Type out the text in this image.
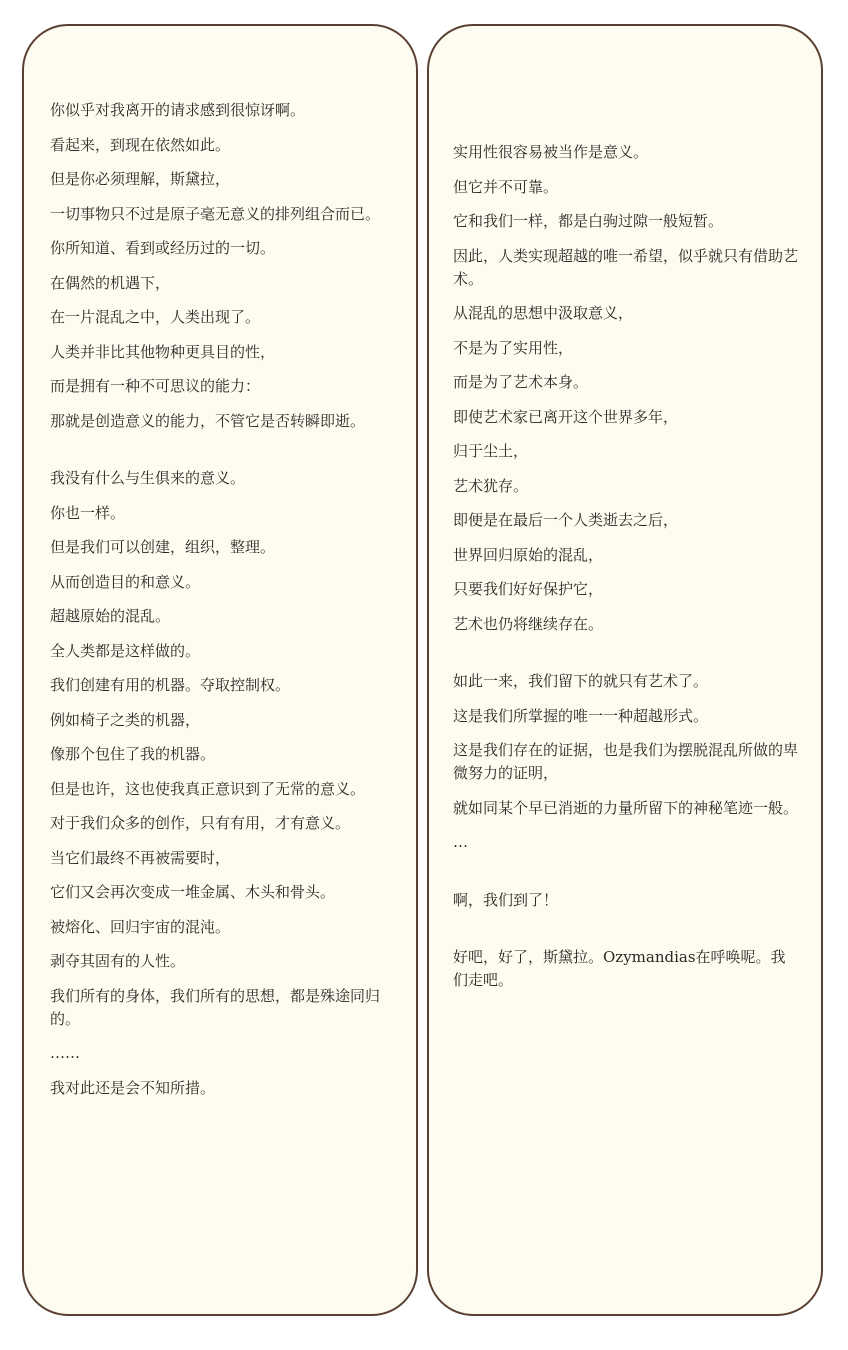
你似乎对我离开的请求感到很惊讶啊。
看起来，到现在依然如此。
但是你必须理解，斯黛拉，
一切事物只不过是原子毫无意义的排列组合而已。
你所知道、看到或经历过的一切。
在偶然的机遇下，
在一片混乱之中，人类出现了。
人类并非比其他物种更具目的性，
而是拥有一种不可思议的能力：
那就是创造意义的能力，不管它是否转瞬即逝。
我没有什么与生俱来的意义。
你也一样。
但是我们可以创建，组织，整理。
从而创造目的和意义。
超越原始的混乱。
全人类都是这样做的。
我们创建有用的机器。夺取控制权。
例如椅子之类的机器，
像那个包住了我的机器。
但是也许，这也使我真正意识到了无常的意义。
对于我们众多的创作，只有有用，才有意义。
当它们最终不再被需要时，
它们又会再次变成一堆金属、木头和骨头。
被熔化、回归宇宙的混沌。
剥夺其固有的人性。
我们所有的身体，我们所有的思想，都是殊途同归的。
……
我对此还是会不知所措。
实用性很容易被当作是意义。
但它并不可靠。
它和我们一样，都是白驹过隙一般短暂。
因此，人类实现超越的唯一希望，似乎就只有借助艺术。
从混乱的思想中汲取意义，
不是为了实用性，
而是为了艺术本身。
即使艺术家已离开这个世界多年，
归于尘土，
艺术犹存。
即便是在最后一个人类逝去之后，
世界回归原始的混乱，
只要我们好好保护它，
艺术也仍将继续存在。
如此一来，我们留下的就只有艺术了。
这是我们所掌握的唯一一种超越形式。
这是我们存在的证据，也是我们为摆脱混乱所做的卑微努力的证明，
就如同某个早已消逝的力量所留下的神秘笔迹一般。
…
啊，我们到了！
好吧，好了，斯黛拉。Ozymandias在呼唤呢。我们走吧。
